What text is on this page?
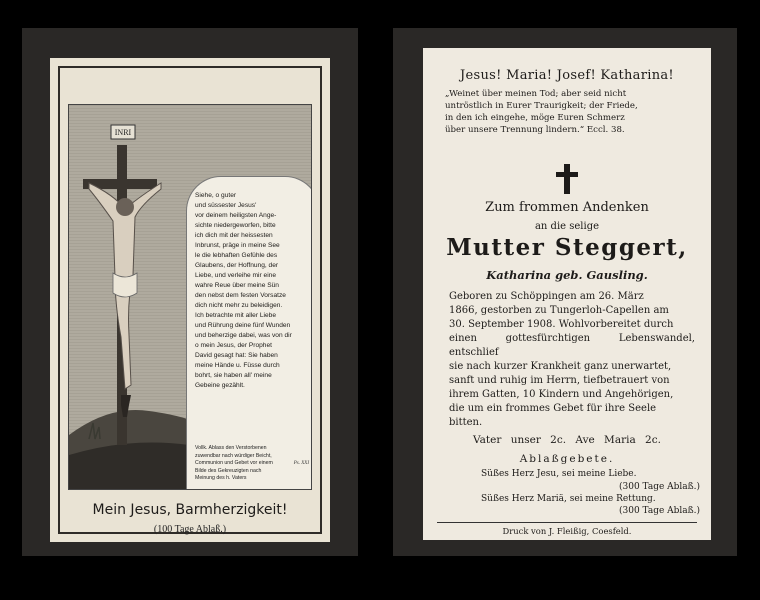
INRI
Siehe, o guter
und süssester Jesus'
vor deinem heiligsten Ange-
sichte niedergeworfen, bitte
ich dich mit der heissesten
Inbrunst, präge in meine See
le die lebhaften Gefühle des
Glaubens, der Hoffnung, der
Liebe, und verleihe mir eine
wahre Reue über meine Sün
den nebst dem festen Vorsatze
dich nicht mehr zu beleidigen.
Ich betrachte mit aller Liebe
und Rührung deine fünf Wunden
und beherzige dabei, was von dir
o mein Jesus, der Prophet
David gesagt hat: Sie haben
meine Hände u. Füsse durch
bohrt, sie haben all' meine
Gebeine gezählt.
Vollk. Ablass den Verstorbenen
zuwendbar nach würdiger Beicht,
Communion und Gebet vor einem
Bilde des Gekreuzigten nach
Meinung des h. Vaters
Ps. XXI
Mein Jesus, Barmherzigkeit!
(100 Tage Ablaß.)
Jesus! Maria! Josef! Katharina!
„Weinet über meinen Tod; aber seid nicht
untröstlich in Eurer Traurigkeit; der Friede,
in den ich eingehe, möge Euren Schmerz
über unsere Trennung lindern.“ Eccl. 38.
Zum frommen Andenken
an die selige
Mutter Steggert,
Katharina geb. Gausling.
Geboren zu Schöppingen am 26. März
1866, gestorben zu Tungerloh-Capellen am
30. September 1908. Wohlvorbereitet durch
einen gottesfürchtigen Lebenswandel, entschlief
sie nach kurzer Krankheit ganz unerwartet,
sanft und ruhig im Herrn, tiefbetrauert von
ihrem Gatten, 10 Kindern und Angehörigen,
die um ein frommes Gebet für ihre Seele
bitten.
Vater unser 2c. Ave Maria 2c.
Ablaßgebete.
Süßes Herz Jesu, sei meine Liebe.
(300 Tage Ablaß.)
Süßes Herz Mariä, sei meine Rettung.
(300 Tage Ablaß.)
Druck von J. Fleißig, Coesfeld.
